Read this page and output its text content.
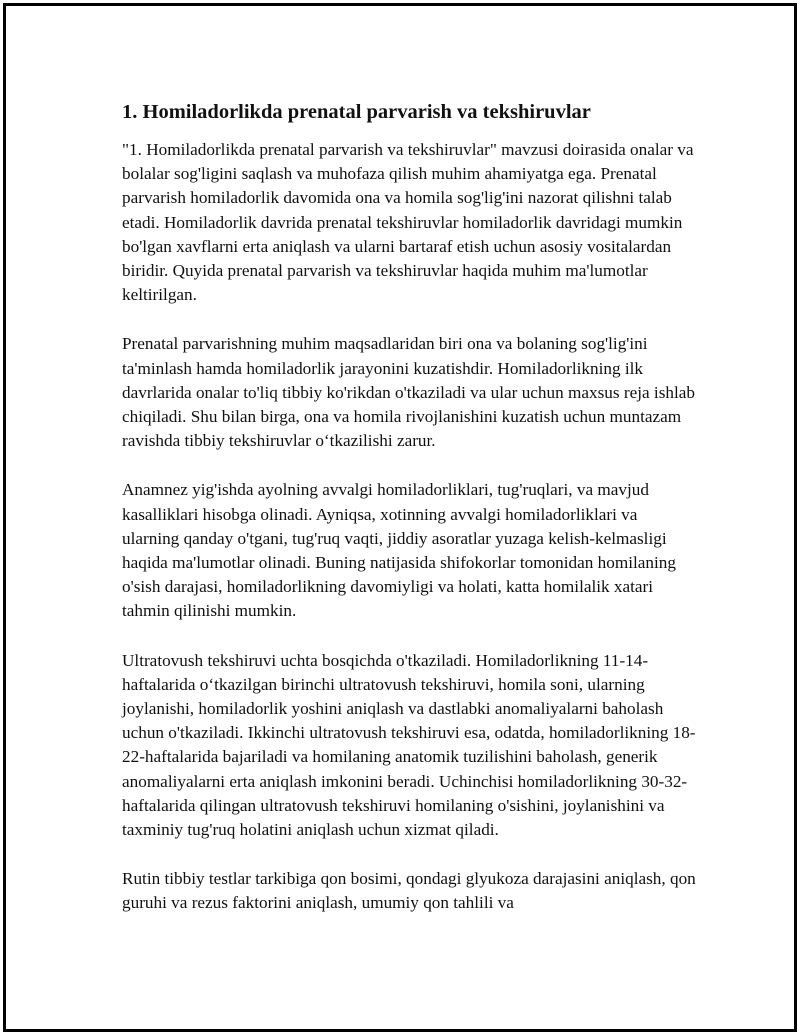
1. Homiladorlikda prenatal parvarish va tekshiruvlar

"1. Homiladorlikda prenatal parvarish va tekshiruvlar" mavzusi doirasida onalar va bolalar sog'ligini saqlash va muhofaza qilish muhim ahamiyatga ega. Prenatal parvarish homiladorlik davomida ona va homila sog'lig'ini nazorat qilishni talab etadi. Homiladorlik davrida prenatal tekshiruvlar homiladorlik davridagi mumkin bo'lgan xavflarni erta aniqlash va ularni bartaraf etish uchun asosiy vositalardan biridir. Quyida prenatal parvarish va tekshiruvlar haqida muhim ma'lumotlar keltirilgan.

Prenatal parvarishning muhim maqsadlaridan biri ona va bolaning sog'lig'ini ta'minlash hamda homiladorlik jarayonini kuzatishdir. Homiladorlikning ilk davrlarida onalar to'liq tibbiy ko'rikdan o'tkaziladi va ular uchun maxsus reja ishlab chiqiladi. Shu bilan birga, ona va homila rivojlanishini kuzatish uchun muntazam ravishda tibbiy tekshiruvlar o‘tkazilishi zarur.

Anamnez yig'ishda ayolning avvalgi homiladorliklari, tug'ruqlari, va mavjud kasalliklari hisobga olinadi. Ayniqsa, xotinning avvalgi homiladorliklari va ularning qanday o'tgani, tug'ruq vaqti, jiddiy asoratlar yuzaga kelish-kelmasligi haqida ma'lumotlar olinadi. Buning natijasida shifokorlar tomonidan homilaning o'sish darajasi, homiladorlikning davomiyligi va holati, katta homilalik xatari tahmin qilinishi mumkin.

Ultratovush tekshiruvi uchta bosqichda o'tkaziladi. Homiladorlikning 11-14-haftalarida o‘tkazilgan birinchi ultratovush tekshiruvi, homila soni, ularning joylanishi, homiladorlik yoshini aniqlash va dastlabki anomaliyalarni baholash uchun o'tkaziladi. Ikkinchi ultratovush tekshiruvi esa, odatda, homiladorlikning 18-22-haftalarida bajariladi va homilaning anatomik tuzilishini baholash, generik anomaliyalarni erta aniqlash imkonini beradi. Uchinchisi homiladorlikning 30-32-haftalarida qilingan ultratovush tekshiruvi homilaning o'sishini, joylanishini va taxminiy tug'ruq holatini aniqlash uchun xizmat qiladi.

Rutin tibbiy testlar tarkibiga qon bosimi, qondagi glyukoza darajasini aniqlash, qon guruhi va rezus faktorini aniqlash, umumiy qon tahlili va
